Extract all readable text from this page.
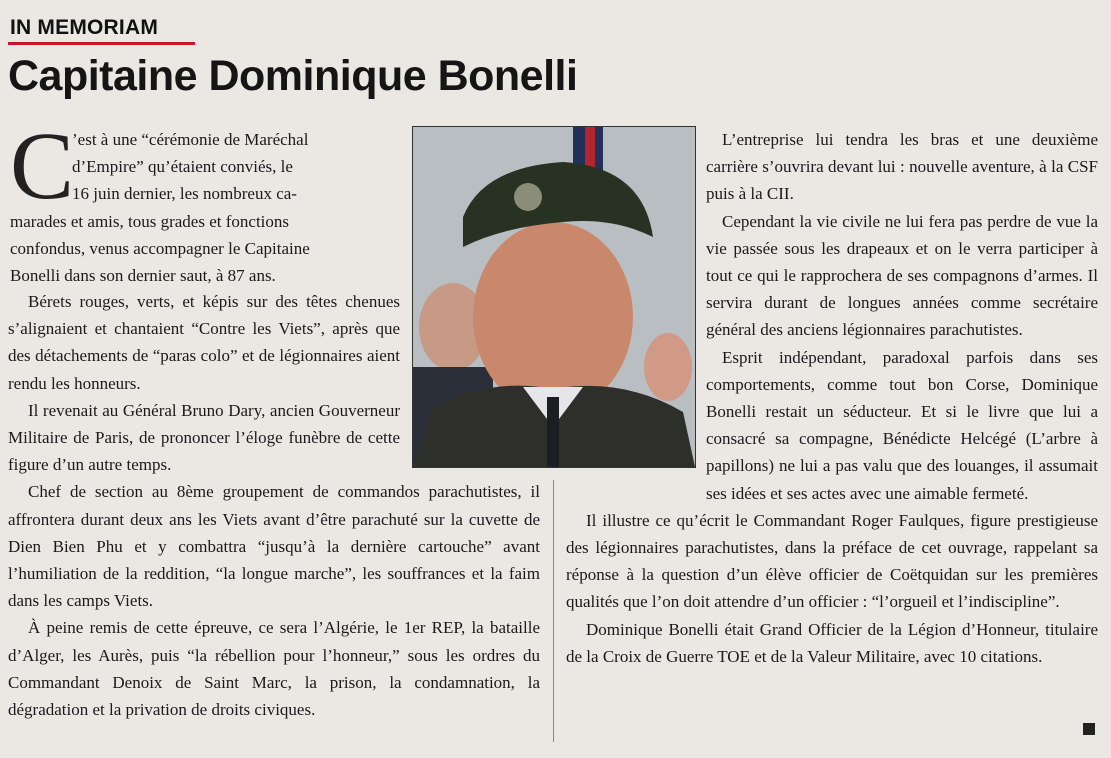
IN MEMORIAM
Capitaine Dominique Bonelli
C

’est à une “cérémonie de Maréchal

d’Empire” qu’étaient conviés, le

16 juin dernier, les nombreux ca-

marades et amis, tous grades et fonctions

confondus, venus accompagner le Capitaine

Bonelli dans son dernier saut, à 87 ans.

Bérets rouges, verts, et képis sur des têtes chenues s’alignaient et chantaient “Contre les Viets”, après que des détachements de “paras colo” et de légionnaires aient rendu les honneurs.

Il revenait au Général Bruno Dary, ancien Gouverneur Militaire de Paris, de prononcer l’éloge funèbre de cette figure d’un autre temps.

Chef de section au 8ème groupement de commandos parachutistes, il affrontera durant deux ans les Viets avant d’être parachuté sur la cuvette de Dien Bien Phu et y combattra “jusqu’à la dernière cartouche” avant l’humiliation de la reddition, “la longue marche”, les souffrances et la faim dans les camps Viets.

À peine remis de cette épreuve, ce sera l’Algérie, le 1er REP, la bataille d’Alger, les Aurès, puis “la rébellion pour l’honneur,” sous les ordres du Commandant Denoix de Saint Marc, la prison, la condamnation, la dégradation et la privation de droits civiques.

L’entreprise lui tendra les bras et une deuxième carrière s’ouvrira devant lui : nouvelle aventure, à la CSF puis à la CII.

Cependant la vie civile ne lui fera pas perdre de vue la vie passée sous les drapeaux et on le verra participer à tout ce qui le rapprochera de ses compagnons d’armes. Il servira durant de longues années comme secrétaire général des anciens légionnaires parachutistes.

Esprit indépendant, paradoxal parfois dans ses comportements, comme tout bon Corse, Dominique Bonelli restait un séducteur. Et si le livre que lui a consacré sa compagne, Bénédicte Helcégé (L’arbre à papillons) ne lui a pas valu que des louanges, il assumait ses idées et ses actes avec une aimable fermeté.

Il illustre ce qu’écrit le Commandant Roger Faulques, figure prestigieuse des légionnaires parachutistes, dans la préface de cet ouvrage, rappelant sa réponse à la question d’un élève officier de Coëtquidan sur les premières qualités que l’on doit attendre d’un officier : “l’orgueil et l’indiscipline”.

Dominique Bonelli était Grand Officier de la Légion d’Honneur, titulaire de la Croix de Guerre TOE et de la Valeur Militaire, avec 10 citations.
